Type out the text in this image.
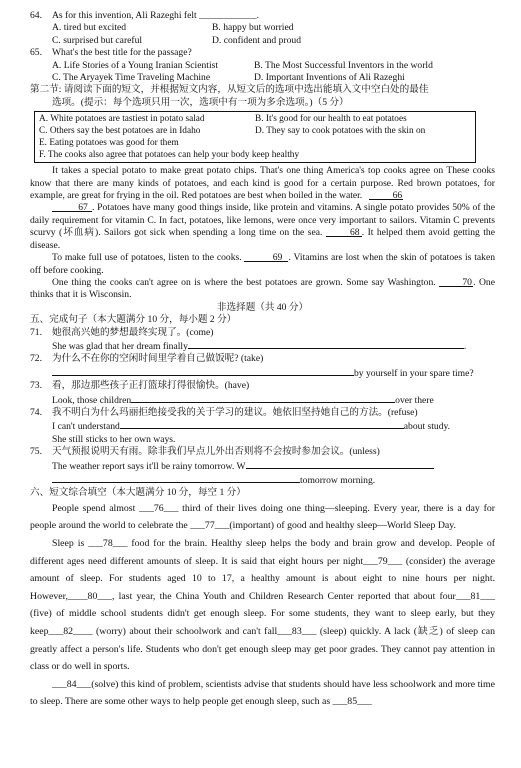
64. As for this invention, Ali Razeghi felt ____________.
A. tired but excited	B. happy but worried
C. surprised but careful	D. confident and proud
65. What's the best title for the passage?
A. Life Stories of a Young Iranian Scientist	B. The Most Successful Inventors in the world
C. The Aryayek Time Traveling Machine	D. Important Inventions of Ali Razeghi
第二节: 请阅读下面的短文，并根据短文内容，从短文后的选项中选出能填入文中空白处的最佳
选项。(提示：每个选项只用一次，选项中有一项为多余选项。)（5 分）
A. White potatoes are tastiest in potato salad	B. It's good for our health to eat potatoes
C. Others say the best potatoes are in Idaho	D. They say to cook potatoes with the skin on
E. Eating potatoes was good for them
F. The cooks also agree that potatoes can help your body keep healthy
It takes a special potato to make great potato chips. That's one thing America's top cooks agree on These cooks know that there are many kinds of potatoes, and each kind is good for a certain purpose. Red brown potatoes, for example, are great for frying in the oil. Red potatoes are best when boiled in the water.	66
67 . Potatoes have many good things inside, like protein and vitamins. A single potato provides 50% of the daily requirement for vitamin C. In fact, potatoes, like lemons, were once very important to sailors. Vitamin C prevents scurvy (坏血病). Sailors got sick when spending a long time on the sea.	68 . It helped them avoid getting the disease.
To make full use of potatoes, listen to the cooks.	69 . Vitamins are lost when the skin of potatoes is taken off before cooking.
One thing the cooks can't agree on is where the best potatoes are grown. Some say Washington.	70. One thinks that it is Wisconsin.
非选择题（共 40 分）
五、完成句子（本大题满分 10 分，每小题 2 分）
71. 她很高兴她的梦想最终实现了。(come)
She was glad that her dream finally	.
72. 为什么不在你的空闲时间里学着自己做饭呢? (take)
by yourself in your spare time?
73. 看，那边那些孩子正打篮球打得很愉快。(have)
Look, those children	over there
74. 我不明白为什么玛丽拒绝接受我的关于学习的建议。她依旧坚持她自己的方法。(refuse)
I can't understand	about study.
She still sticks to her own ways.
75. 天气预报说明天有雨。除非我们早点儿外出否则将不会按时参加会议。(unless)
The weather report says it'll be rainy tomorrow. W
tomorrow morning.
六、短文综合填空（本大题满分 10 分，每空 1 分）
People spend almost ___76___ third of their lives doing one thing—sleeping. Every year, there is a day for people around the world to celebrate the ___77___(important) of good and healthy sleep—World Sleep Day.
Sleep is ___78___ food for the brain. Healthy sleep helps the body and brain grow and develop. People of different ages need different amounts of sleep. It is said that eight hours per night___79___ (consider) the average amount of sleep. For students aged 10 to 17, a healthy amount is about eight to nine hours per night. However,____80___, last year, the China Youth and Children Research Center reported that about four___81___ (five) of middle school students didn't get enough sleep. For some students, they want to sleep early, but they keep___82____ (worry) about their schoolwork and can't fall___83___ (sleep) quickly. A lack (缺乏) of sleep can greatly affect a person's life. Students who don't get enough sleep may get poor grades. They cannot pay attention in class or do well in sports.
___84___(solve) this kind of problem, scientists advise that students should have less schoolwork and more time to sleep. There are some other ways to help people get enough sleep, such as ___85___
